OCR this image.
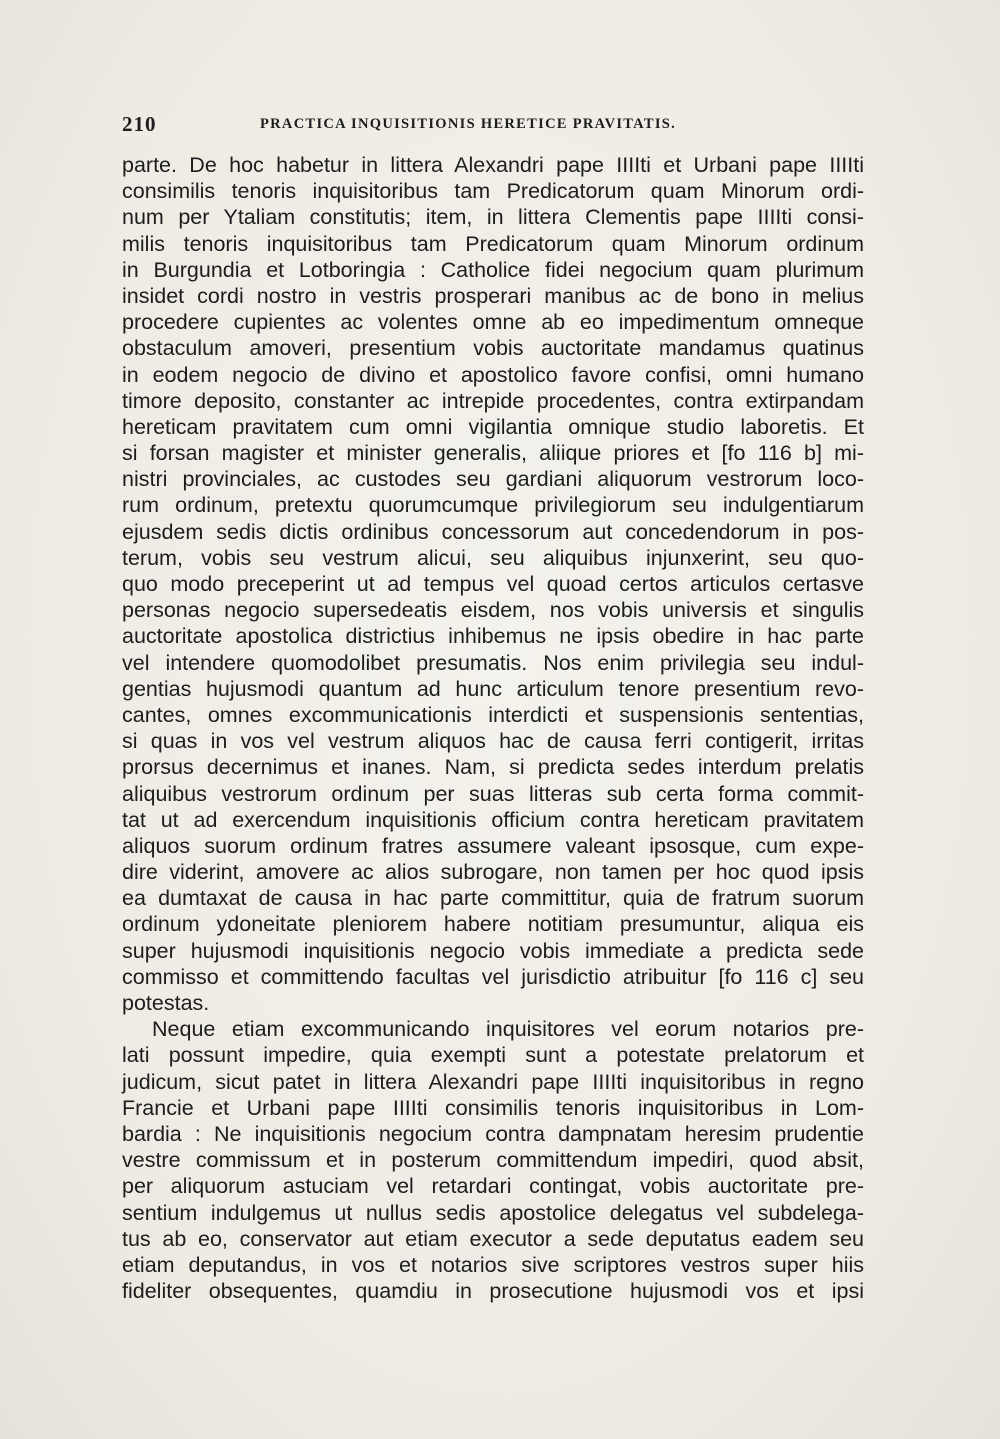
210	PRACTICA INQUISITIONIS HERETICE PRAVITATIS.
parte. De hoc habetur in littera Alexandri pape IIIIti et Urbani pape IIIIti
consimilis tenoris inquisitoribus tam Predicatorum quam Minorum ordi-
num per Ytaliam constitutis; item, in littera Clementis pape IIIIti consi-
milis tenoris inquisitoribus tam Predicatorum quam Minorum ordinum
in Burgundia et Lotboringia : Catholice fidei negocium quam plurimum
insidet cordi nostro in vestris prosperari manibus ac de bono in melius
procedere cupientes ac volentes omne ab eo impedimentum omneque
obstaculum amoveri, presentium vobis auctoritate mandamus quatinus
in eodem negocio de divino et apostolico favore confisi, omni humano
timore deposito, constanter ac intrepide procedentes, contra extirpandam
hereticam pravitatem cum omni vigilantia omnique studio laboretis. Et
si forsan magister et minister generalis, aliique priores et [fo 116 b] mi-
nistri provinciales, ac custodes seu gardiani aliquorum vestrorum loco-
rum ordinum, pretextu quorumcumque privilegiorum seu indulgentiarum
ejusdem sedis dictis ordinibus concessorum aut concedendorum in pos-
terum, vobis seu vestrum alicui, seu aliquibus injunxerint, seu quo-
quo modo preceperint ut ad tempus vel quoad certos articulos certasve
personas negocio supersedeatis eisdem, nos vobis universis et singulis
auctoritate apostolica districtius inhibemus ne ipsis obedire in hac parte
vel intendere quomodolibet presumatis. Nos enim privilegia seu indul-
gentias hujusmodi quantum ad hunc articulum tenore presentium revo-
cantes, omnes excommunicationis interdicti et suspensionis sententias,
si quas in vos vel vestrum aliquos hac de causa ferri contigerit, irritas
prorsus decernimus et inanes. Nam, si predicta sedes interdum prelatis
aliquibus vestrorum ordinum per suas litteras sub certa forma commit-
tat ut ad exercendum inquisitionis officium contra hereticam pravitatem
aliquos suorum ordinum fratres assumere valeant ipsosque, cum expe-
dire viderint, amovere ac alios subrogare, non tamen per hoc quod ipsis
ea dumtaxat de causa in hac parte committitur, quia de fratrum suorum
ordinum ydoneitate pleniorem habere notitiam presumuntur, aliqua eis
super hujusmodi inquisitionis negocio vobis immediate a predicta sede
commisso et committendo facultas vel jurisdictio atribuitur [fo 116 c] seu
potestas.
Neque etiam excommunicando inquisitores vel eorum notarios pre-
lati possunt impedire, quia exempti sunt a potestate prelatorum et
judicum, sicut patet in littera Alexandri pape IIIIti inquisitoribus in regno
Francie et Urbani pape IIIIti consimilis tenoris inquisitoribus in Lom-
bardia : Ne inquisitionis negocium contra dampnatam heresim prudentie
vestre commissum et in posterum committendum impediri, quod absit,
per aliquorum astuciam vel retardari contingat, vobis auctoritate pre-
sentium indulgemus ut nullus sedis apostolice delegatus vel subdelega-
tus ab eo, conservator aut etiam executor a sede deputatus eadem seu
etiam deputandus, in vos et notarios sive scriptores vestros super hiis
fideliter obsequentes, quamdiu in prosecutione hujusmodi vos et ipsi
